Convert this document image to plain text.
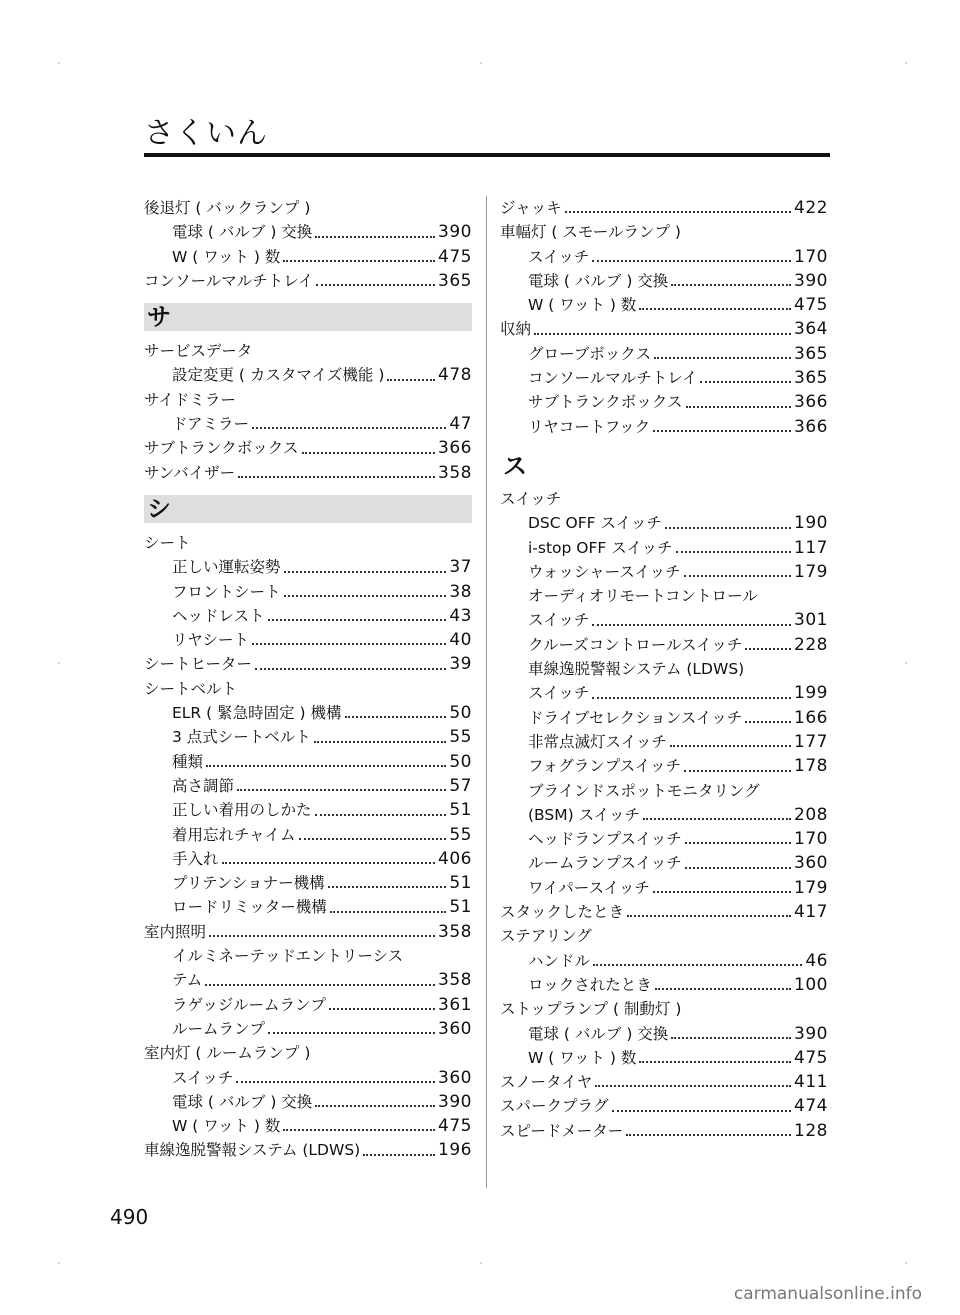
さくいん
後退灯 ( バックランプ )
電球 ( バルブ ) 交換	390
W ( ワット ) 数	475
コンソールマルチトレイ	365
サ
サービスデータ
設定変更 ( カスタマイズ機能 )	478
サイドミラー
ドアミラー	47
サブトランクボックス	366
サンバイザー	358
シ
シート
正しい運転姿勢	37
フロントシート	38
ヘッドレスト	43
リヤシート	40
シートヒーター	39
シートベルト
ELR ( 緊急時固定 ) 機構	50
3 点式シートベルト	55
種類	50
高さ調節	57
正しい着用のしかた	51
着用忘れチャイム	55
手入れ	406
プリテンショナー機構	51
ロードリミッター機構	51
室内照明	358
イルミネーテッドエントリーシス
テム	358
ラゲッジルームランプ	361
ルームランプ	360
室内灯 ( ルームランプ )
スイッチ	360
電球 ( バルブ ) 交換	390
W ( ワット ) 数	475
車線逸脱警報システム (LDWS)	196
ジャッキ	422
車幅灯 ( スモールランプ )
スイッチ	170
電球 ( バルブ ) 交換	390
W ( ワット ) 数	475
収納	364
グローブボックス	365
コンソールマルチトレイ	365
サブトランクボックス	366
リヤコートフック	366
ス
スイッチ
DSC OFF スイッチ	190
i-stop OFF スイッチ	117
ウォッシャースイッチ	179
オーディオリモートコントロール
スイッチ	301
クルーズコントロールスイッチ	228
車線逸脱警報システム (LDWS)
スイッチ	199
ドライブセレクションスイッチ	166
非常点滅灯スイッチ	177
フォグランプスイッチ	178
ブラインドスポットモニタリング
(BSM) スイッチ	208
ヘッドランプスイッチ	170
ルームランプスイッチ	360
ワイパースイッチ	179
スタックしたとき	417
ステアリング
ハンドル	46
ロックされたとき	100
ストップランプ ( 制動灯 )
電球 ( バルブ ) 交換	390
W ( ワット ) 数	475
スノータイヤ	411
スパークプラグ	474
スピードメーター	128
490
carmanualsonline.info
